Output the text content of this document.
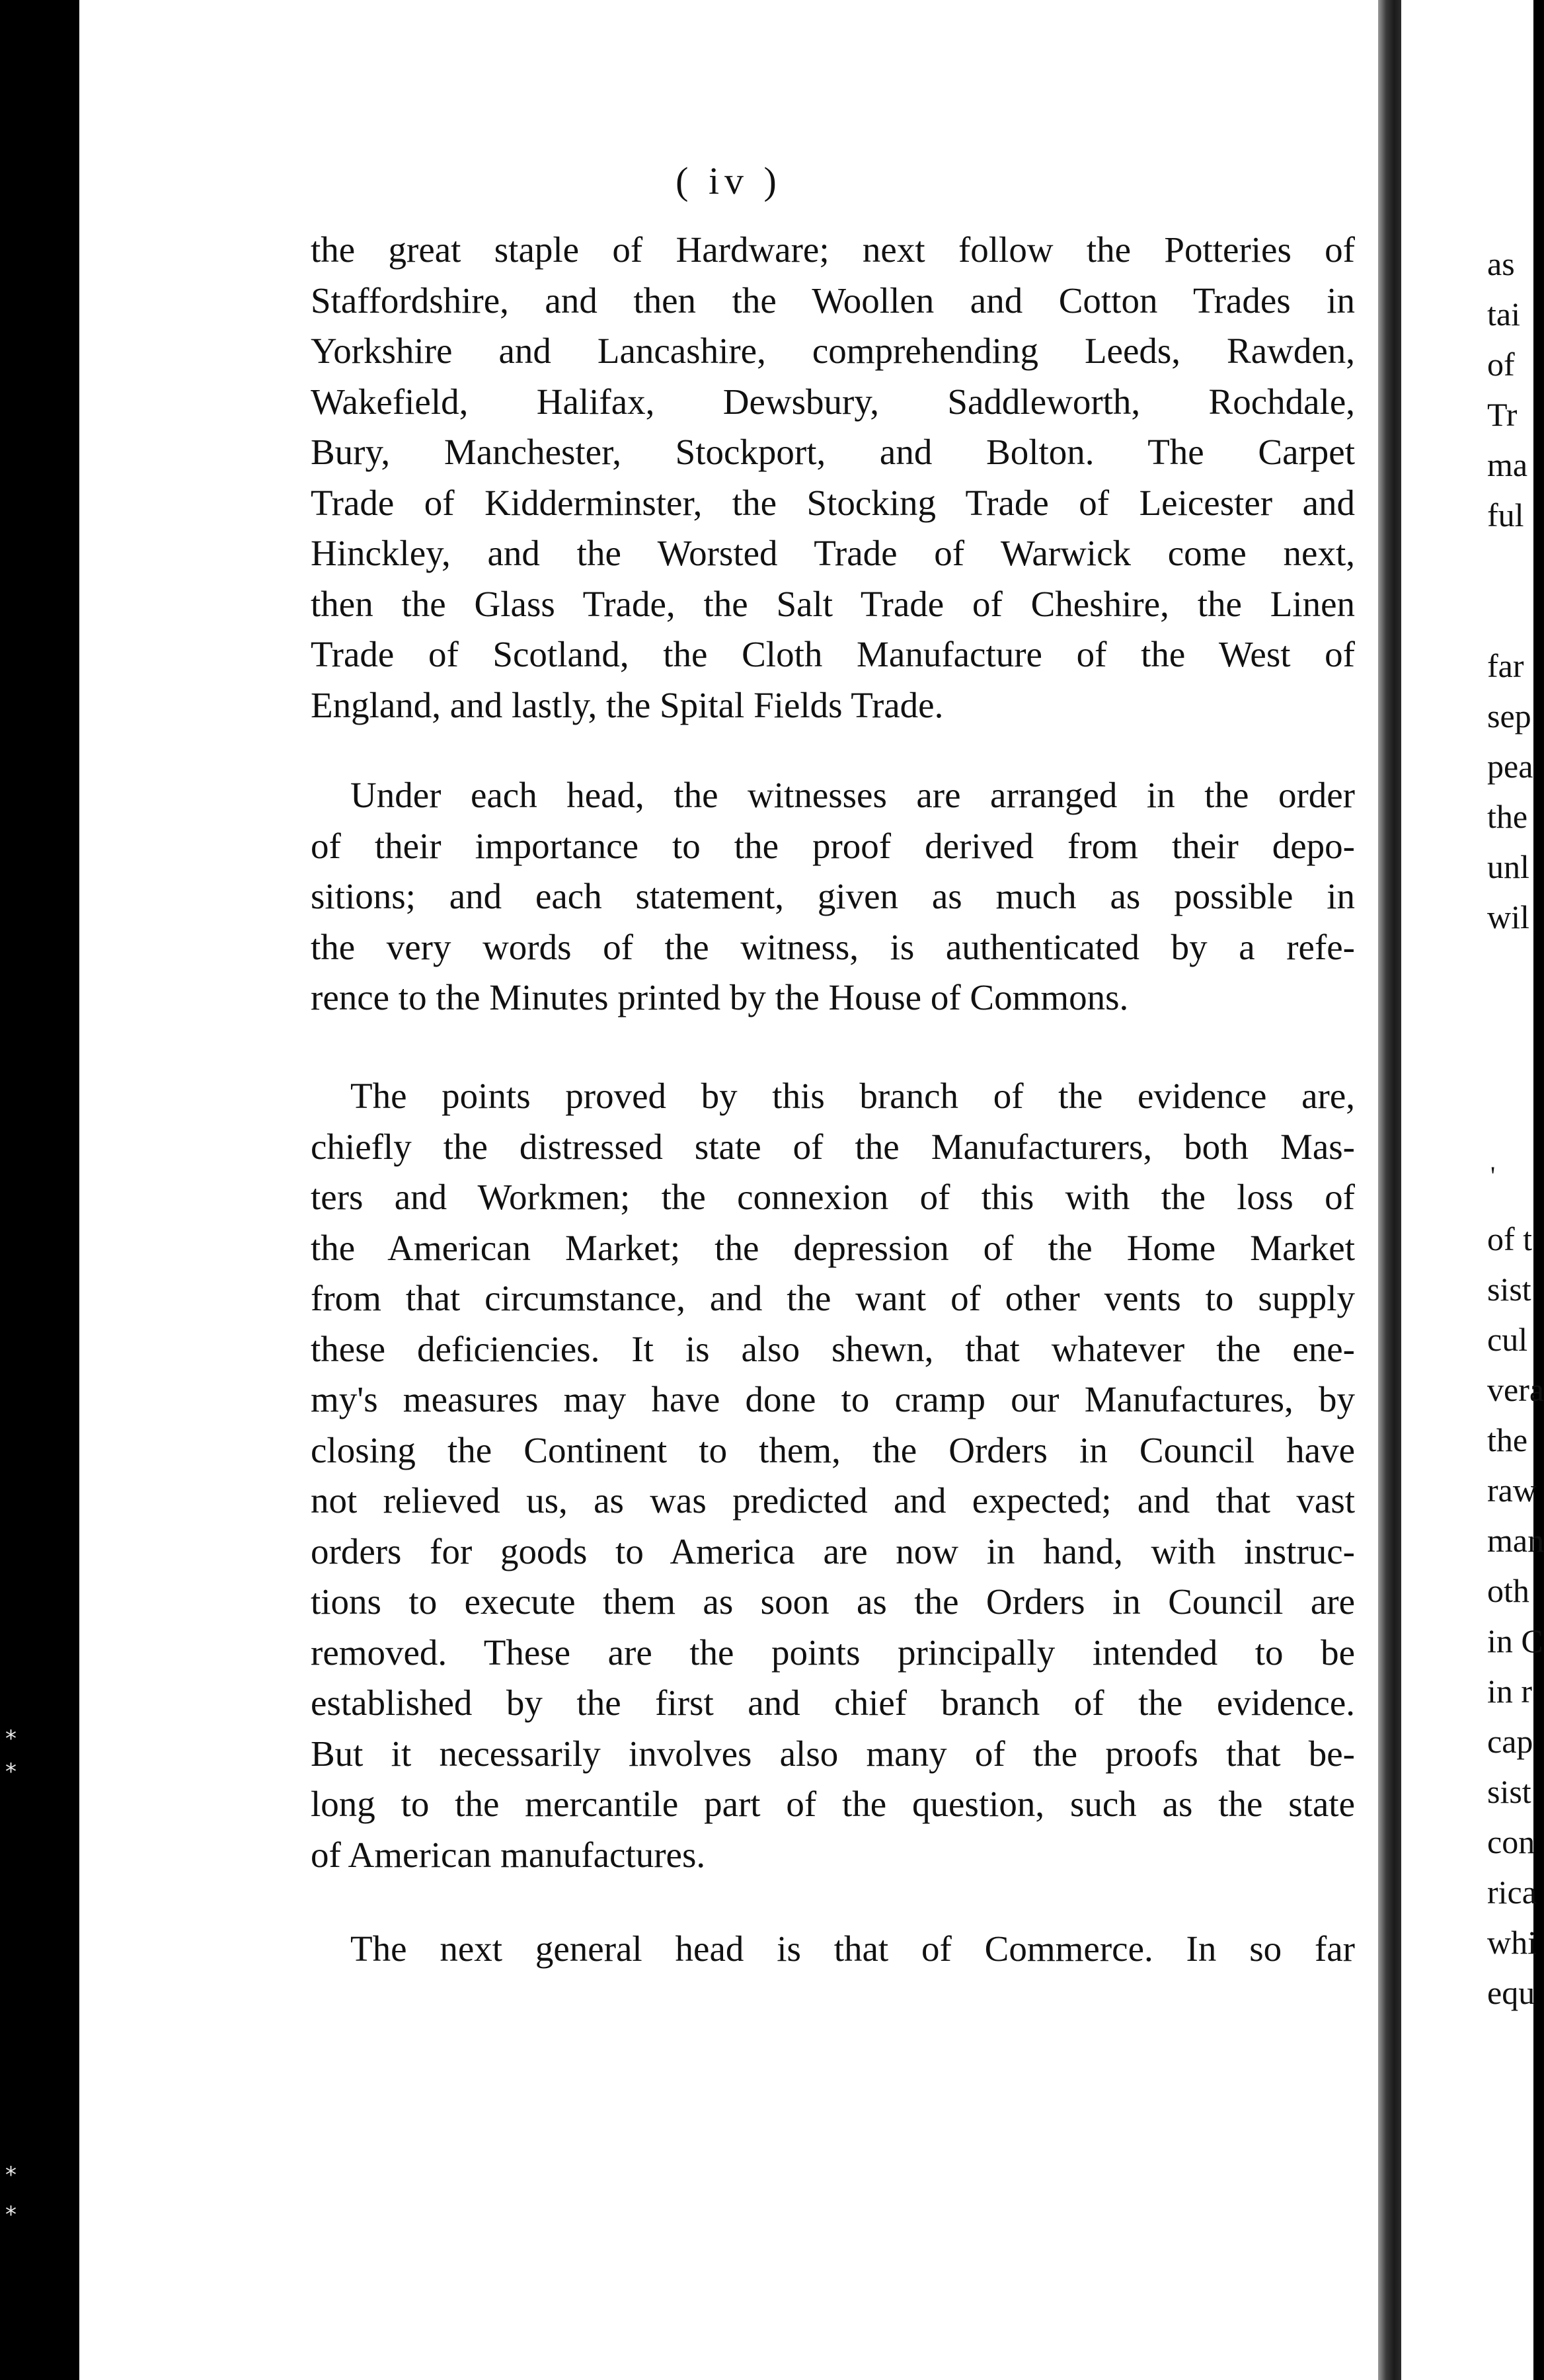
*
*
*
*
( iv )
the great staple of Hardware; next follow the Potteries of
Staffordshire, and then the Woollen and Cotton Trades in
Yorkshire and Lancashire, comprehending Leeds, Rawden,
Wakefield, Halifax, Dewsbury, Saddleworth, Rochdale,
Bury, Manchester, Stockport, and Bolton. The Carpet
Trade of Kidderminster, the Stocking Trade of Leicester and
Hinckley, and the Worsted Trade of Warwick come next,
then the Glass Trade, the Salt Trade of Cheshire, the Linen
Trade of Scotland, the Cloth Manufacture of the West of
England, and lastly, the Spital Fields Trade.
Under each head, the witnesses are arranged in the order
of their importance to the proof derived from their depo-
sitions; and each statement, given as much as possible in
the very words of the witness, is authenticated by a refe-
rence to the Minutes printed by the House of Commons.
The points proved by this branch of the evidence are,
chiefly the distressed state of the Manufacturers, both Mas-
ters and Workmen; the connexion of this with the loss of
the American Market; the depression of the Home Market
from that circumstance, and the want of other vents to supply
these deficiencies. It is also shewn, that whatever the ene-
my's measures may have done to cramp our Manufactures, by
closing the Continent to them, the Orders in Council have
not relieved us, as was predicted and expected; and that vast
orders for goods to America are now in hand, with instruc-
tions to execute them as soon as the Orders in Council are
removed. These are the points principally intended to be
established by the first and chief branch of the evidence.
But it necessarily involves also many of the proofs that be-
long to the mercantile part of the question, such as the state
of American manufactures.
The next general head is that of Commerce. In so far
'
as
tai
of
Tr
ma
ful
far
sep
pea
the
unl
wil
of t
sist
cul
vera
the
raw
man
oth
in C
in r
cap
sist
con
rica
whi
equ
